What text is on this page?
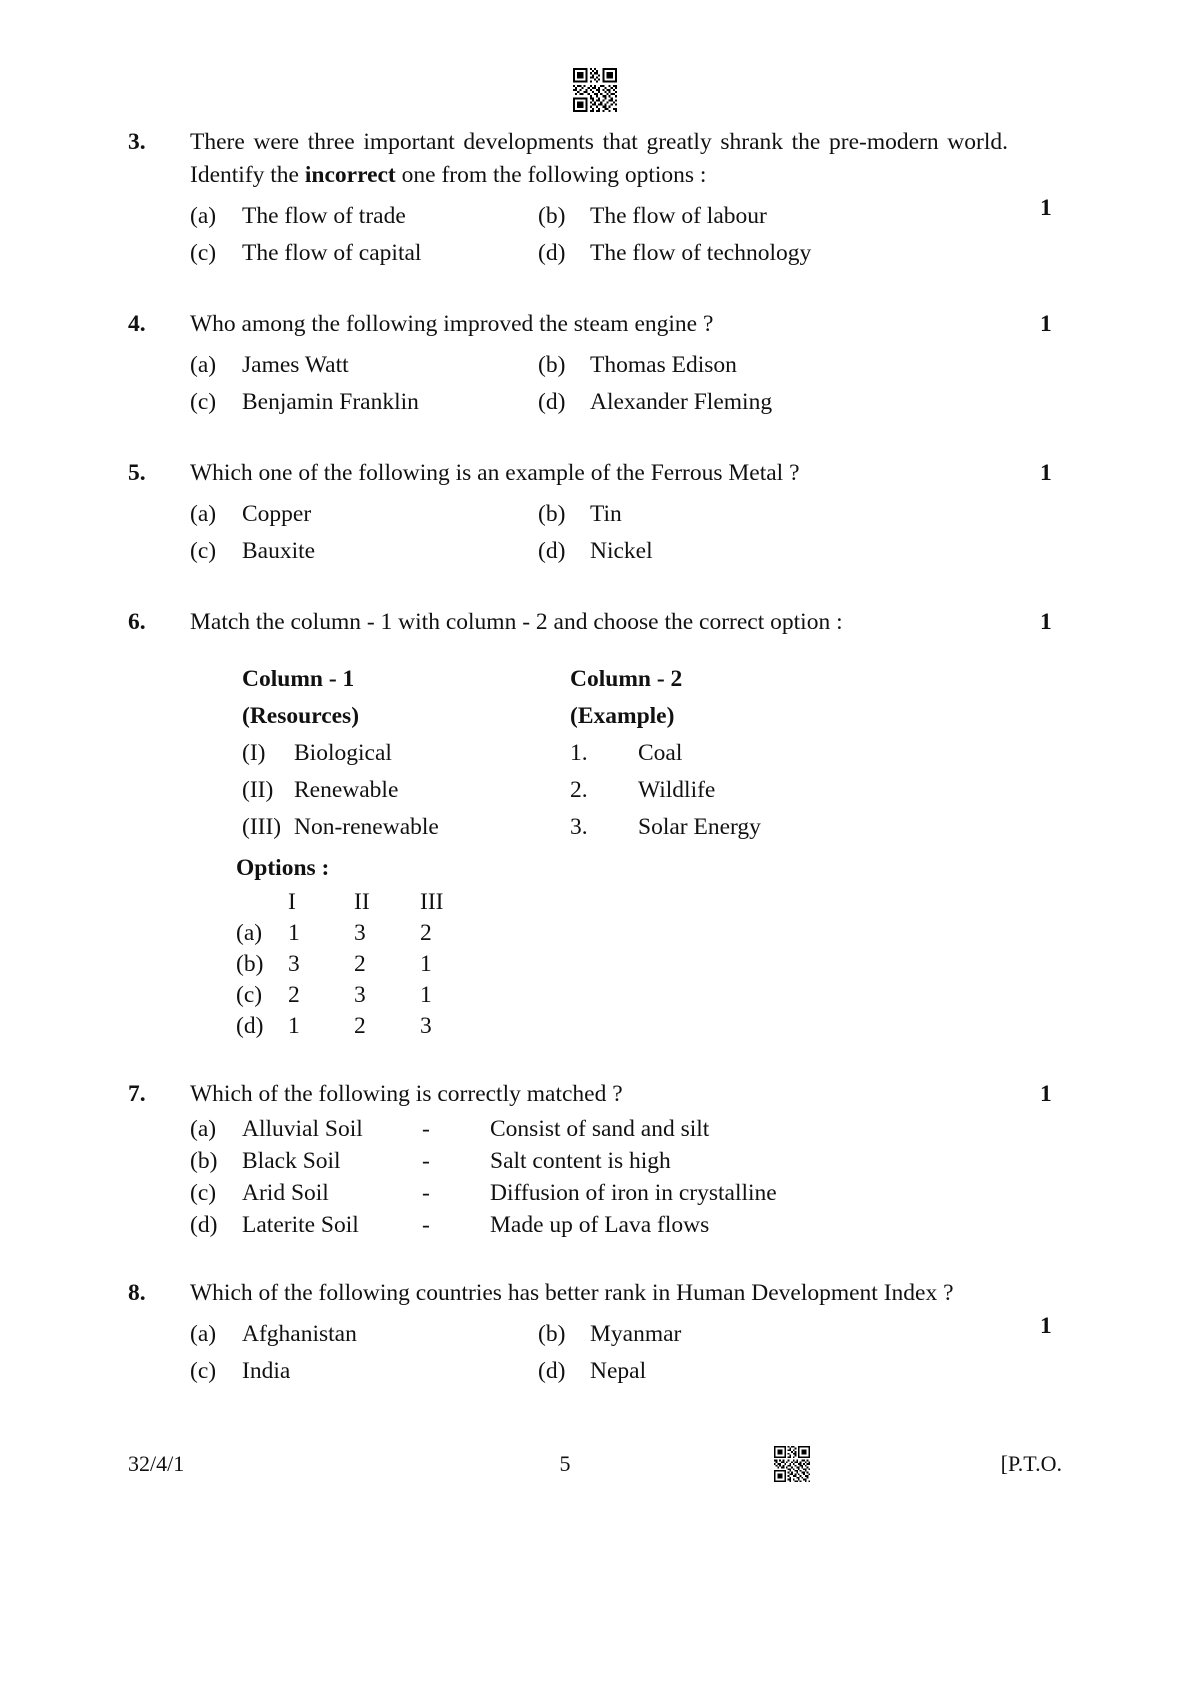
3.	There were three important developments that greatly shrank the pre-modern world. Identify the incorrect one from the following options :

(a)	The flow of trade	(b)	The flow of labour
(c)	The flow of capital	(d)	The flow of technology
1
4.	Who among the following improved the steam engine ?

(a)	James Watt	(b)	Thomas Edison
(c)	Benjamin Franklin	(d)	Alexander Fleming
1
5.	Which one of the following is an example of the Ferrous Metal ?

(a)	Copper	(b)	Tin
(c)	Bauxite	(d)	Nickel
1
6.	Match the column - 1 with column - 2 and choose the correct option :

Column - 1	Column - 2
(Resources)	(Example)
(I)	Biological	1.	Coal
(II) Renewable	2.	Wildlife
(III) Non-renewable	3.	Solar Energy
Options :
I	II	III
(a)	1	3	2
(b)	3	2	1
(c)	2	3	1
(d)	1	2	3
1
7.	Which of the following is correctly matched ?

(a)	Alluvial Soil	-	Consist of sand and silt
(b)	Black Soil	-	Salt content is high
(c)	Arid Soil	-	Diffusion of iron in crystalline
(d)	Laterite Soil	-	Made up of Lava flows
1
8.	Which of the following countries has better rank in Human Development Index ?

(a)	Afghanistan	(b)	Myanmar
(c)	India	(d)	Nepal
1
32/4/1	5	[P.T.O.
